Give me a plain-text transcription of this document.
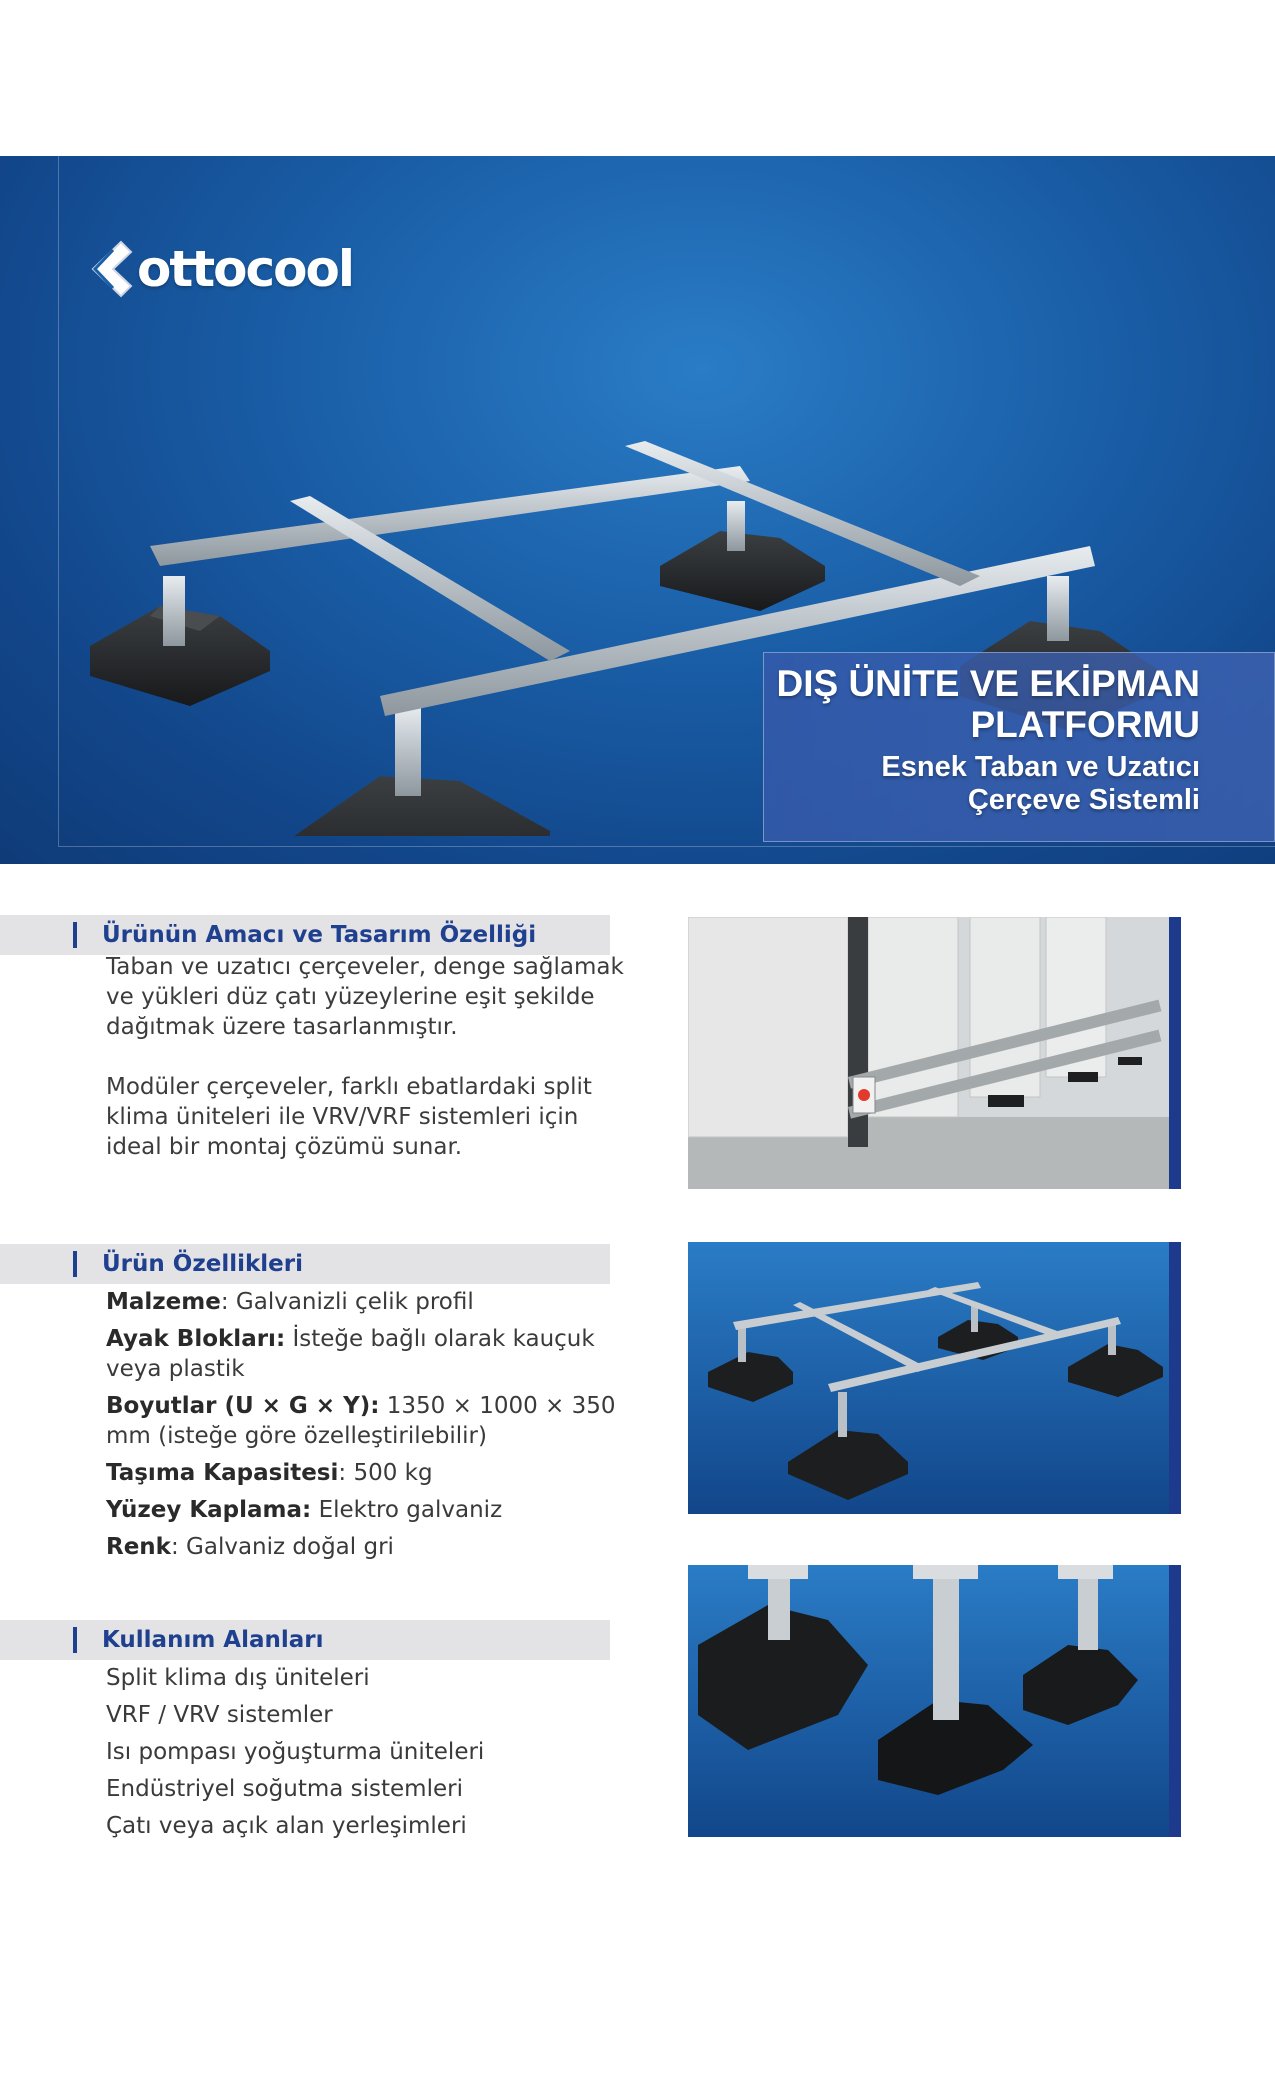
ottocool
DIŞ ÜNİTE VE EKİPMAN
PLATFORMU
Esnek Taban ve Uzatıcı
Çerçeve Sistemli
Ürünün Amacı ve Tasarım Özelliği
Taban ve uzatıcı çerçeveler, denge sağlamak ve yükleri düz çatı yüzeylerine eşit şekilde dağıtmak üzere tasarlanmıştır.
Modüler çerçeveler, farklı ebatlardaki split klima üniteleri ile VRV/VRF sistemleri için ideal bir montaj çözümü sunar.
Ürün Özellikleri
Malzeme: Galvanizli çelik profil
Ayak Blokları: İsteğe bağlı olarak kauçuk veya plastik
Boyutlar (U × G × Y): 1350 × 1000 × 350 mm (isteğe göre özelleştirilebilir)
Taşıma Kapasitesi: 500 kg
Yüzey Kaplama: Elektro galvaniz
Renk: Galvaniz doğal gri
Kullanım Alanları
Split klima dış üniteleri
VRF / VRV sistemler
Isı pompası yoğuşturma üniteleri
Endüstriyel soğutma sistemleri
Çatı veya açık alan yerleşimleri
